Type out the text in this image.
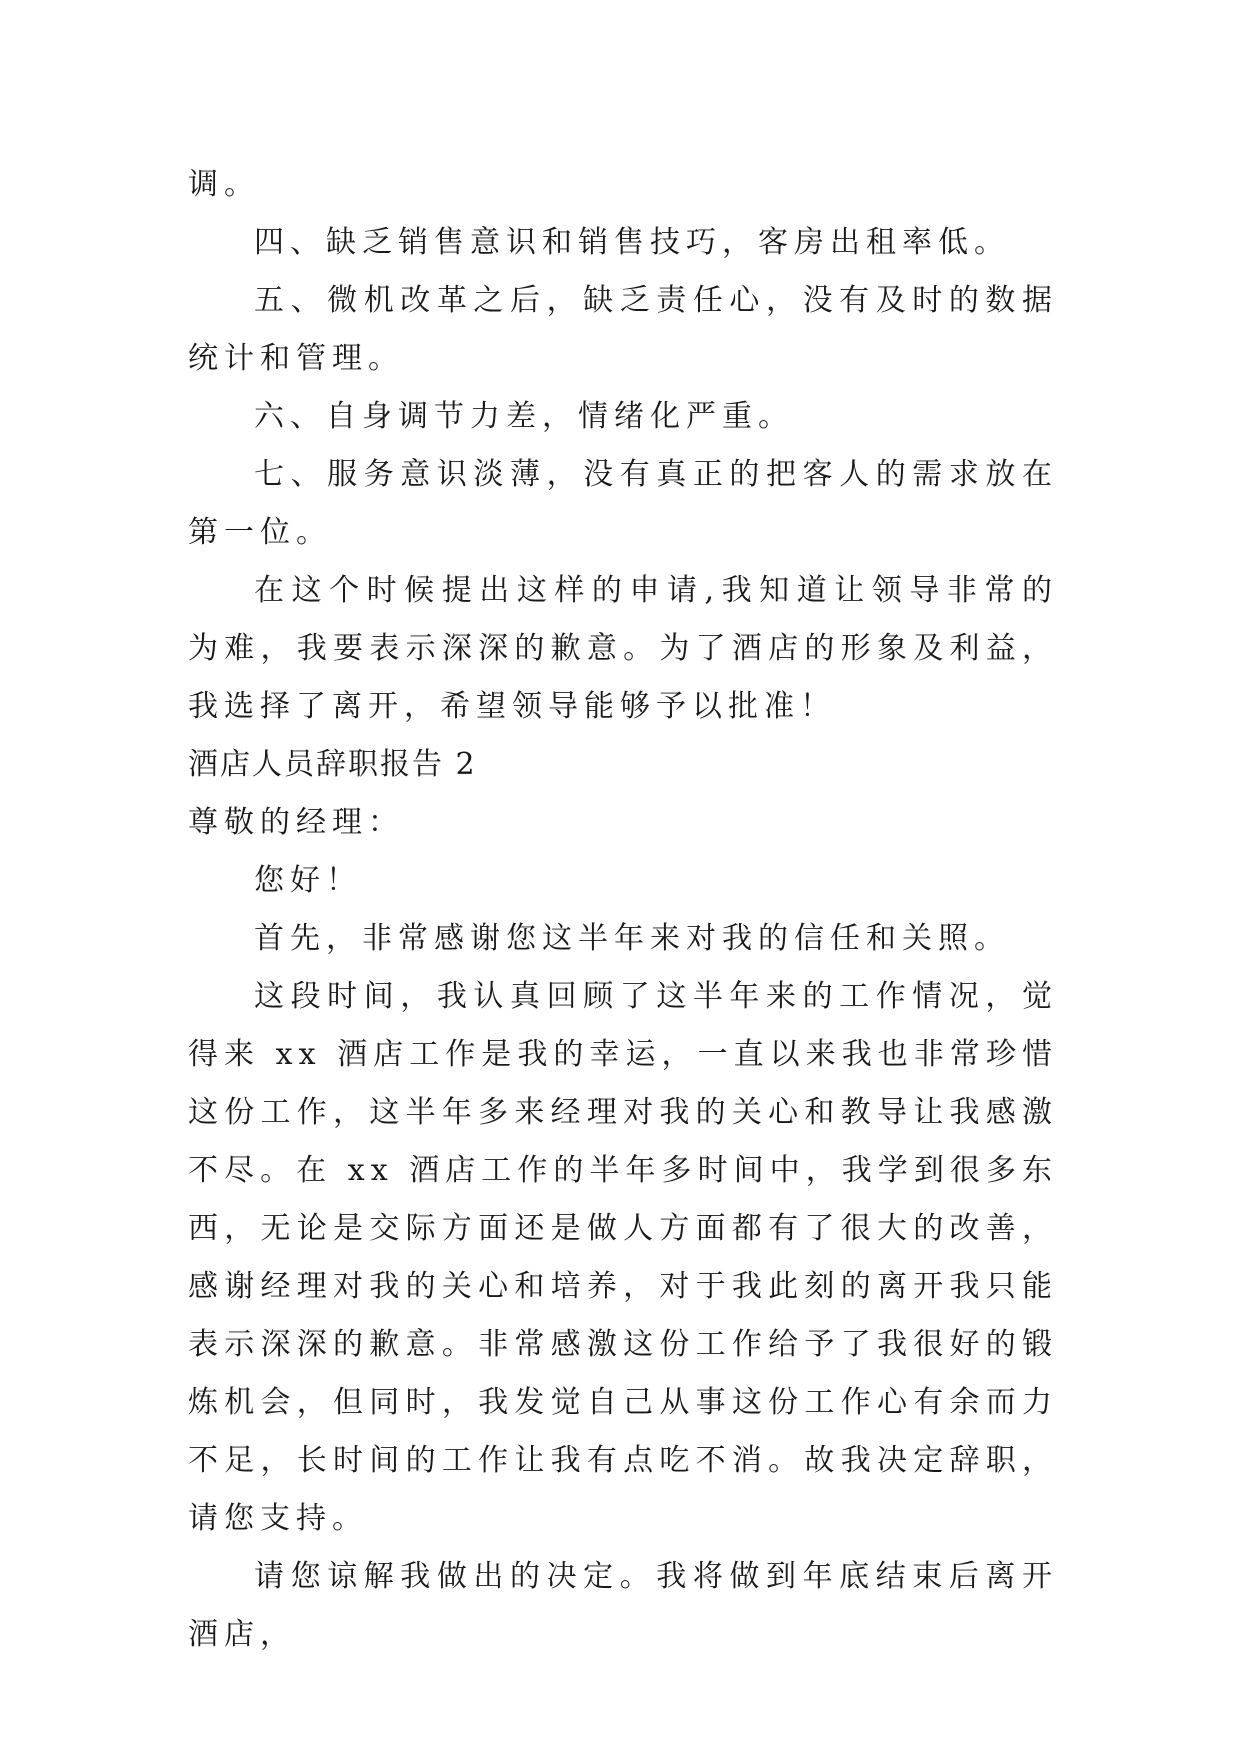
调。

四、缺乏销售意识和销售技巧，客房出租率低。

五、微机改革之后，缺乏责任心，没有及时的数据统计和管理。

六、自身调节力差，情绪化严重。

七、服务意识淡薄，没有真正的把客人的需求放在第一位。

在这个时候提出这样的申请,我知道让领导非常的为难，我要表示深深的歉意。为了酒店的形象及利益，我选择了离开，希望领导能够予以批准！

酒店人员辞职报告 2

尊敬的经理：

您好！

首先，非常感谢您这半年来对我的信任和关照。

这段时间，我认真回顾了这半年来的工作情况，觉得来 xx 酒店工作是我的幸运，一直以来我也非常珍惜这份工作，这半年多来经理对我的关心和教导让我感激不尽。在 xx 酒店工作的半年多时间中，我学到很多东西，无论是交际方面还是做人方面都有了很大的改善，感谢经理对我的关心和培养，对于我此刻的离开我只能表示深深的歉意。非常感激这份工作给予了我很好的锻炼机会，但同时，我发觉自己从事这份工作心有余而力不足，长时间的工作让我有点吃不消。故我决定辞职，请您支持。

请您谅解我做出的决定。我将做到年底结束后离开酒店，
